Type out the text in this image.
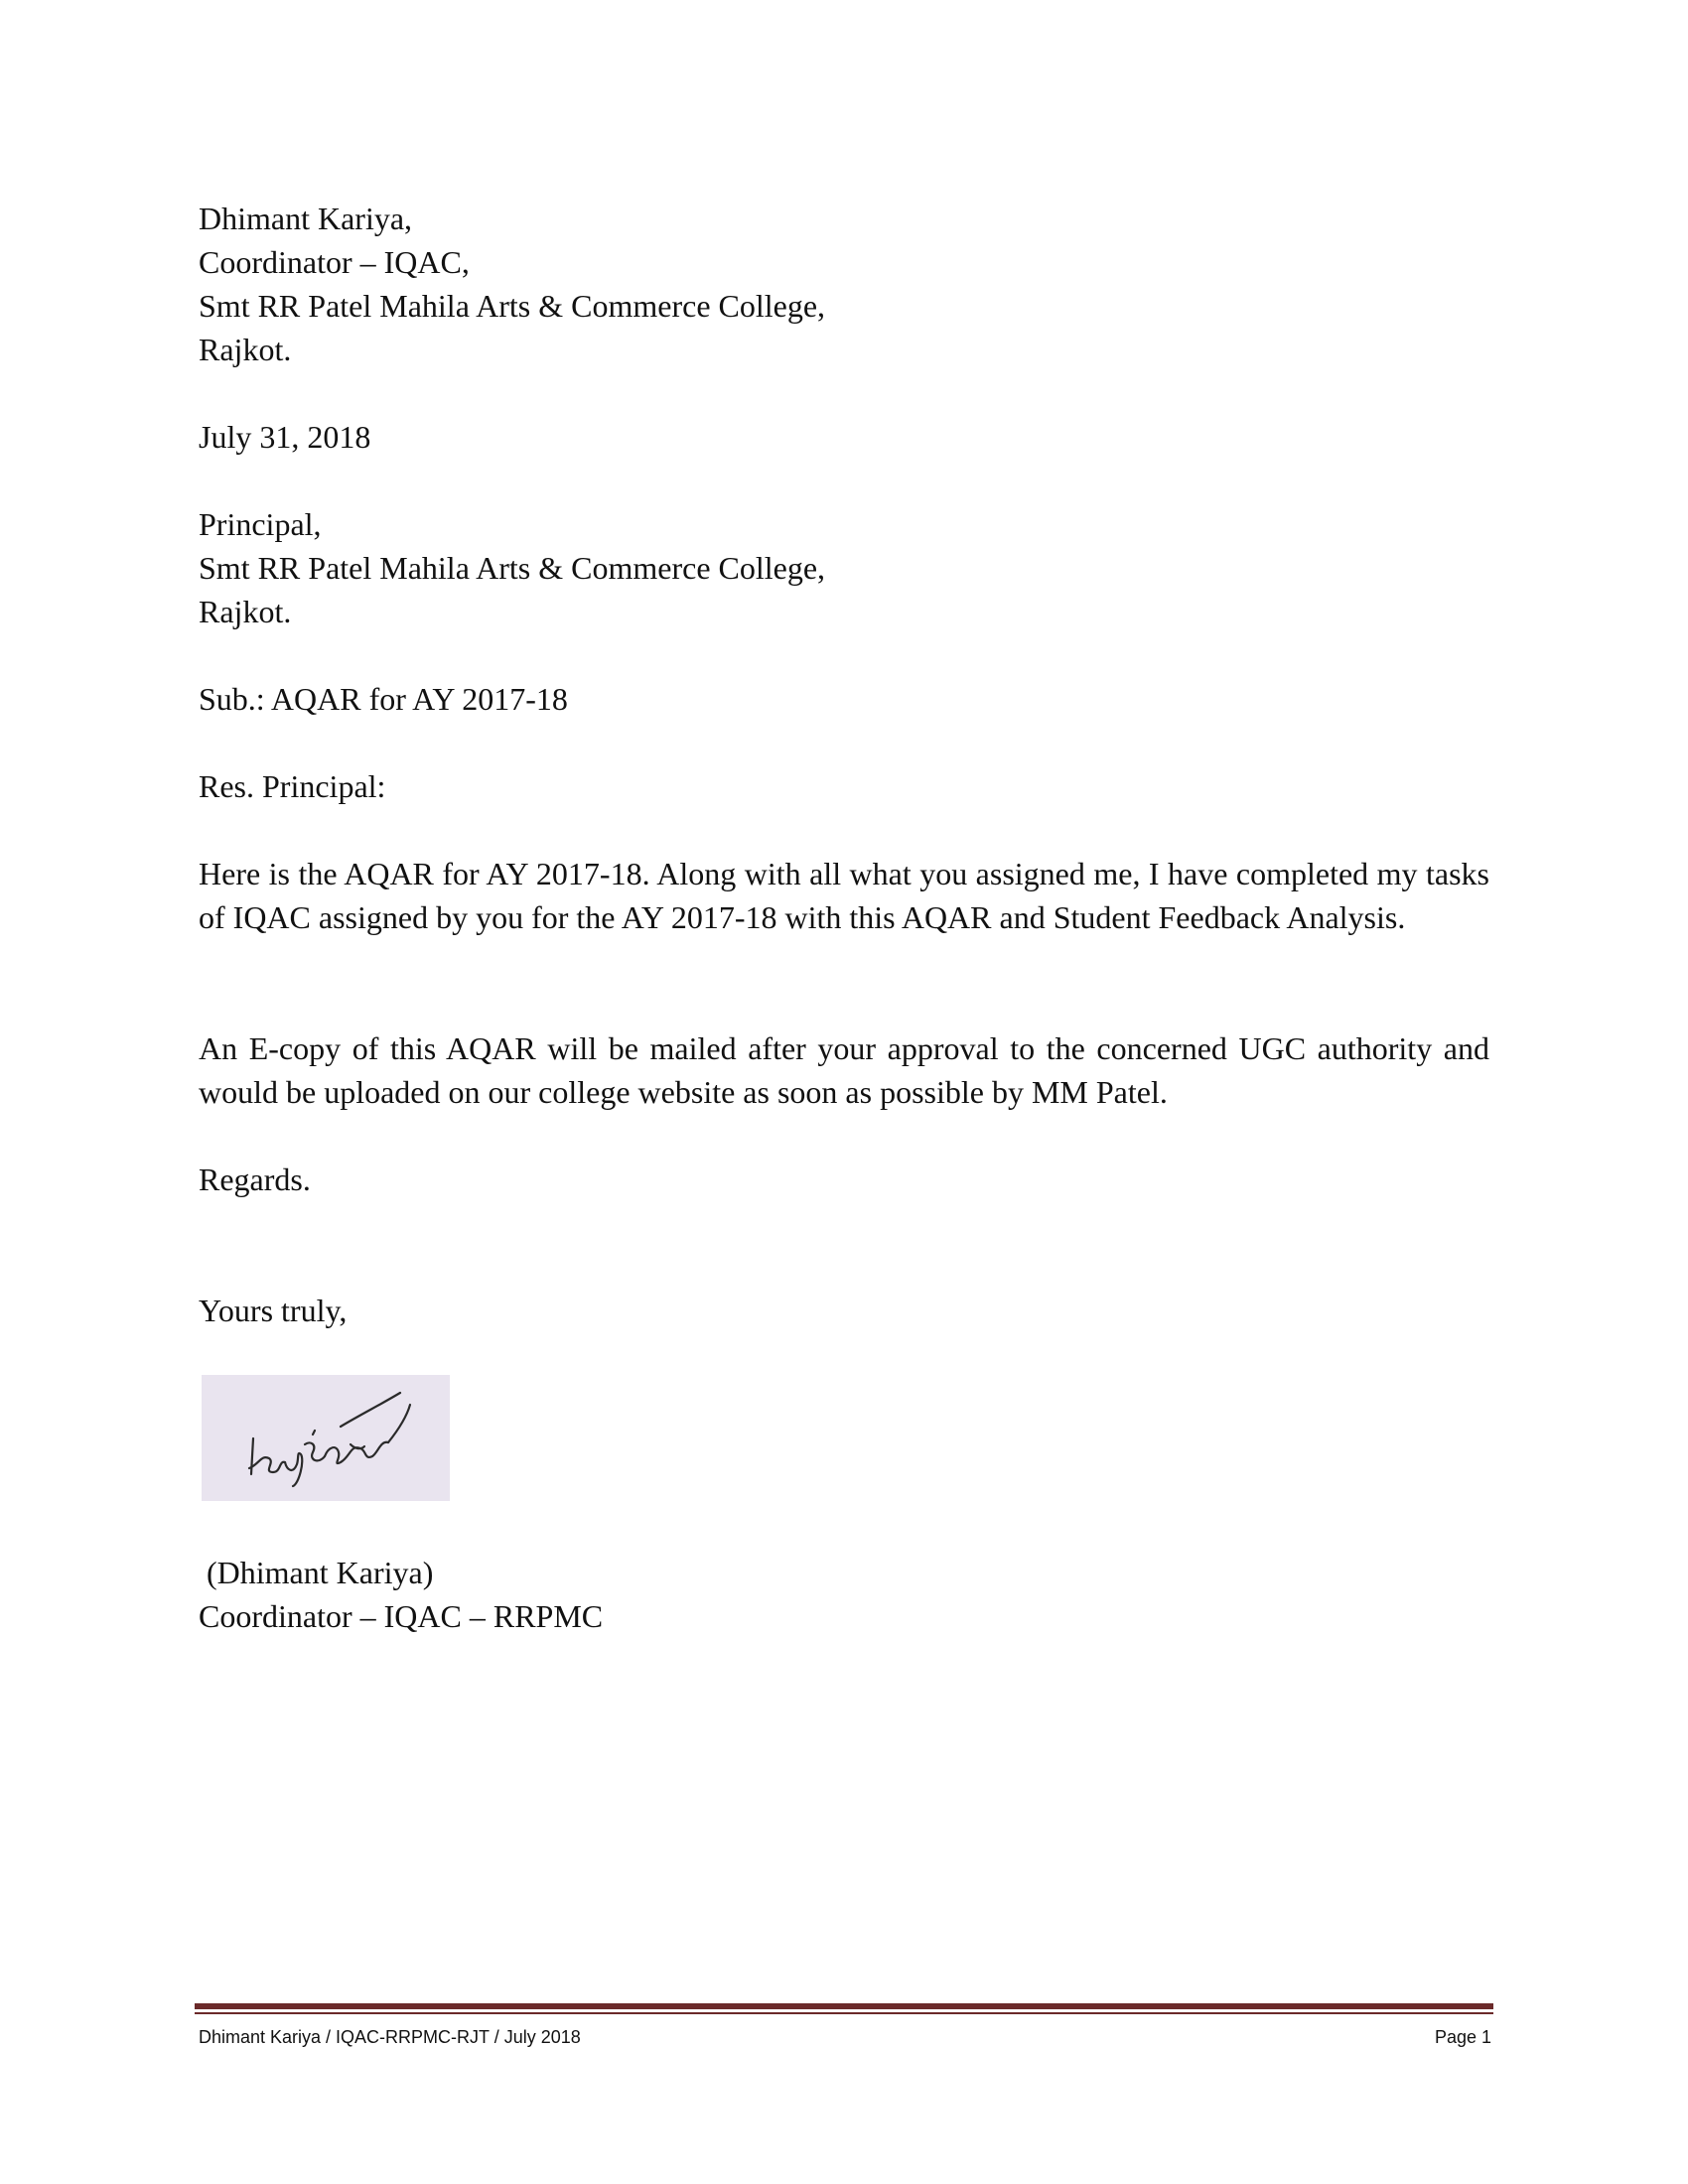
Dhimant Kariya,
Coordinator – IQAC,
Smt RR Patel Mahila Arts & Commerce College,
Rajkot.
July 31, 2018
Principal,
Smt RR Patel Mahila Arts & Commerce College,
Rajkot.
Sub.: AQAR for AY 2017-18
Res. Principal:
Here is the AQAR for AY 2017-18. Along with all what you assigned me, I have completed my tasks of IQAC assigned by you for the AY 2017-18 with this AQAR and Student Feedback Analysis.
An E-copy of this AQAR will be mailed after your approval to the concerned UGC authority and would be uploaded on our college website as soon as possible by MM Patel.
Regards.
Yours truly,
(Dhimant Kariya)
Coordinator – IQAC – RRPMC
Dhimant Kariya / IQAC-RRPMC-RJT / July 2018	Page 1
